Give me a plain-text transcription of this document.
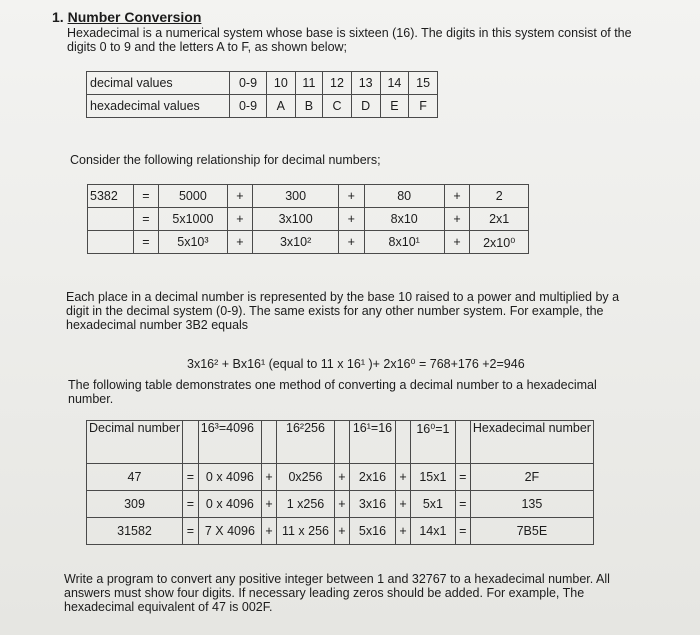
1. Number Conversion
Hexadecimal is a numerical system whose base is sixteen (16). The digits in this system consist of the
digits 0 to 9 and the letters A to F, as shown below;
decimal values	0-9	10	11	12	13	14	15
hexadecimal values	0-9	A	B	C	D	E	F
Consider the following relationship for decimal numbers;
5382	=	5000	+	300	+	80	+	2
	=	5x1000	+	3x100	+	8x10	+	2x1
	=	5x10³	+	3x10²	+	8x10¹	+	2x10⁰
Each place in a decimal number is represented by the base 10 raised to a power and multiplied by a
digit in the decimal system (0-9). The same exists for any other number system. For example, the
hexadecimal number 3B2 equals
3x16² + Bx16¹ (equal to 11 x 16¹ )+ 2x16⁰ = 768+176 +2=946
The following table demonstrates one method of converting a decimal number to a hexadecimal
number.
Decimal number		16³=4096		16²256		16¹=16		16⁰=1		Hexadecimal number
47	=	0 x 4096	+	0x256	+	2x16	+	15x1	=	2F
309	=	0 x 4096	+	1 x256	+	3x16	+	5x1	=	135
31582	=	7 X 4096	+	11 x 256	+	5x16	+	14x1	=	7B5E
Write a program to convert any positive integer between 1 and 32767 to a hexadecimal number. All
answers must show four digits. If necessary leading zeros should be added. For example, The
hexadecimal equivalent of 47 is 002F.
